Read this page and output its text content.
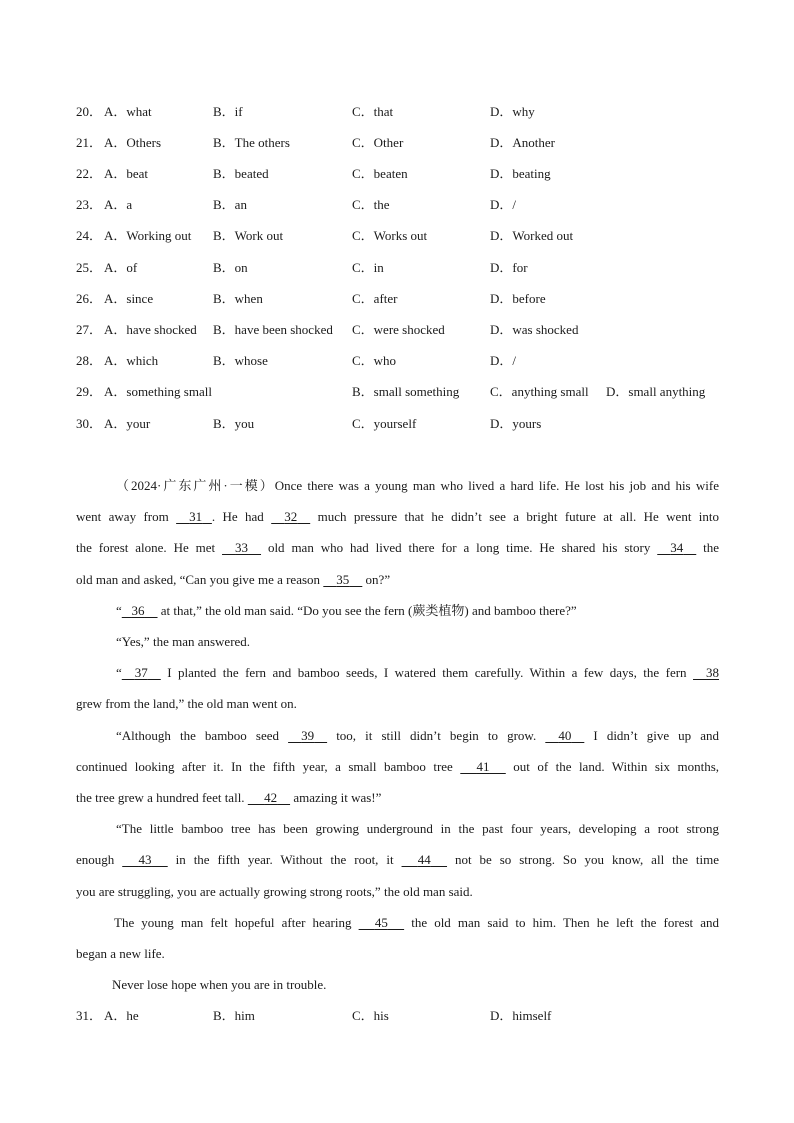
20． A．what	B．if	C．that	D．why
21． A．Others	B．The others	C．Other	D．Another
22． A．beat	B．beated	C．beaten	D．beating
23． A．a	B．an	C．the	D．/
24． A．Working out B．Work out	C．Works out	D．Worked out
25． A．of	B．on	C．in	D．for
26． A．since	B．when	C．after	D．before
27． A．have shocked B．have been shocked C．were shocked	D．was shocked
28． A．which	B．whose	C．who	D．/
29． A．something small	B．small something C．anything small D．small anything
30． A．your	B．you	C．yourself	D．yours
（2024·广东广州·一模）Once there was a young man who lived a hard life. He lost his job and his wife
went away from 31 . He had 32 much pressure that he didn’t see a bright future at all. He went into
the forest alone. He met 33 old man who had lived there for a long time. He shared his story 34 the
old man and asked, “Can you give me a reason 35 on?”
“ 36 at that,” the old man said. “Do you see the fern (蕨类植物) and bamboo there?”
“Yes,” the man answered.
“ 37 I planted the fern and bamboo seeds, I watered them carefully. Within a few days, the fern 38
grew from the land,” the old man went on.
“Although the bamboo seed 39 too, it still didn’t begin to grow. 40 I didn’t give up and
continued looking after it. In the fifth year, a small bamboo tree 41 out of the land. Within six months,
the tree grew a hundred feet tall. 42 amazing it was!”
“The little bamboo tree has been growing underground in the past four years, developing a root strong
enough 43 in the fifth year. Without the root, it 44 not be so strong. So you know, all the time
you are struggling, you are actually growing strong roots,” the old man said.
The young man felt hopeful after hearing 45 the old man said to him. Then he left the forest and
began a new life.
Never lose hope when you are in trouble.
31． A．he	B．him	C．his	D．himself
